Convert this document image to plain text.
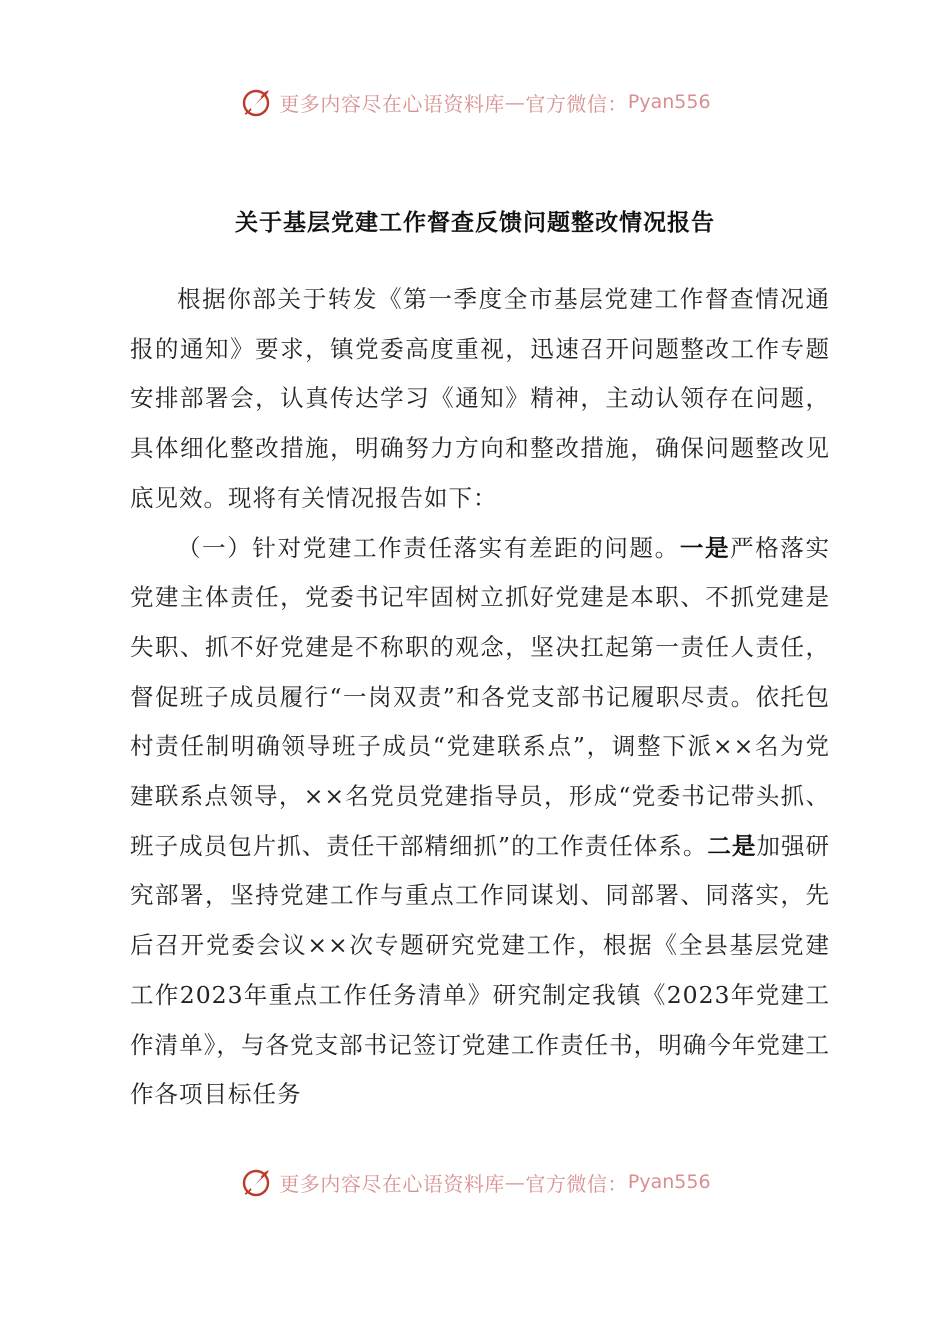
更多内容尽在心语资料库 — 官方微信： Pyan556
关于基层党建工作督查反馈问题整改情况报告

根据你部关于转发《第一季度全市基层党建工作督查情况通报的通知》要求，镇党委高度重视，迅速召开问题整改工作专题安排部署会，认真传达学习《通知》精神，主动认领存在问题，具体细化整改措施，明确努力方向和整改措施，确保问题整改见底见效。现将有关情况报告如下：

（一）针对党建工作责任落实有差距的问题。一是严格落实党建主体责任，党委书记牢固树立抓好党建是本职、不抓党建是失职、抓不好党建是不称职的观念，坚决扛起第一责任人责任，督促班子成员履行“一岗双责”和各党支部书记履职尽责。依托包村责任制明确领导班子成员“党建联系点”，调整下派××名为党建联系点领导，××名党员党建指导员，形成“党委书记带头抓、班子成员包片抓、责任干部精细抓”的工作责任体系。二是加强研究部署，坚持党建工作与重点工作同谋划、同部署、同落实，先后召开党委会议××次专题研究党建工作，根据《全县基层党建工作2023年重点工作任务清单》研究制定我镇《2023年党建工作清单》，与各党支部书记签订党建工作责任书，明确今年党建工作各项目标任务

更多内容尽在心语资料库 — 官方微信： Pyan556
